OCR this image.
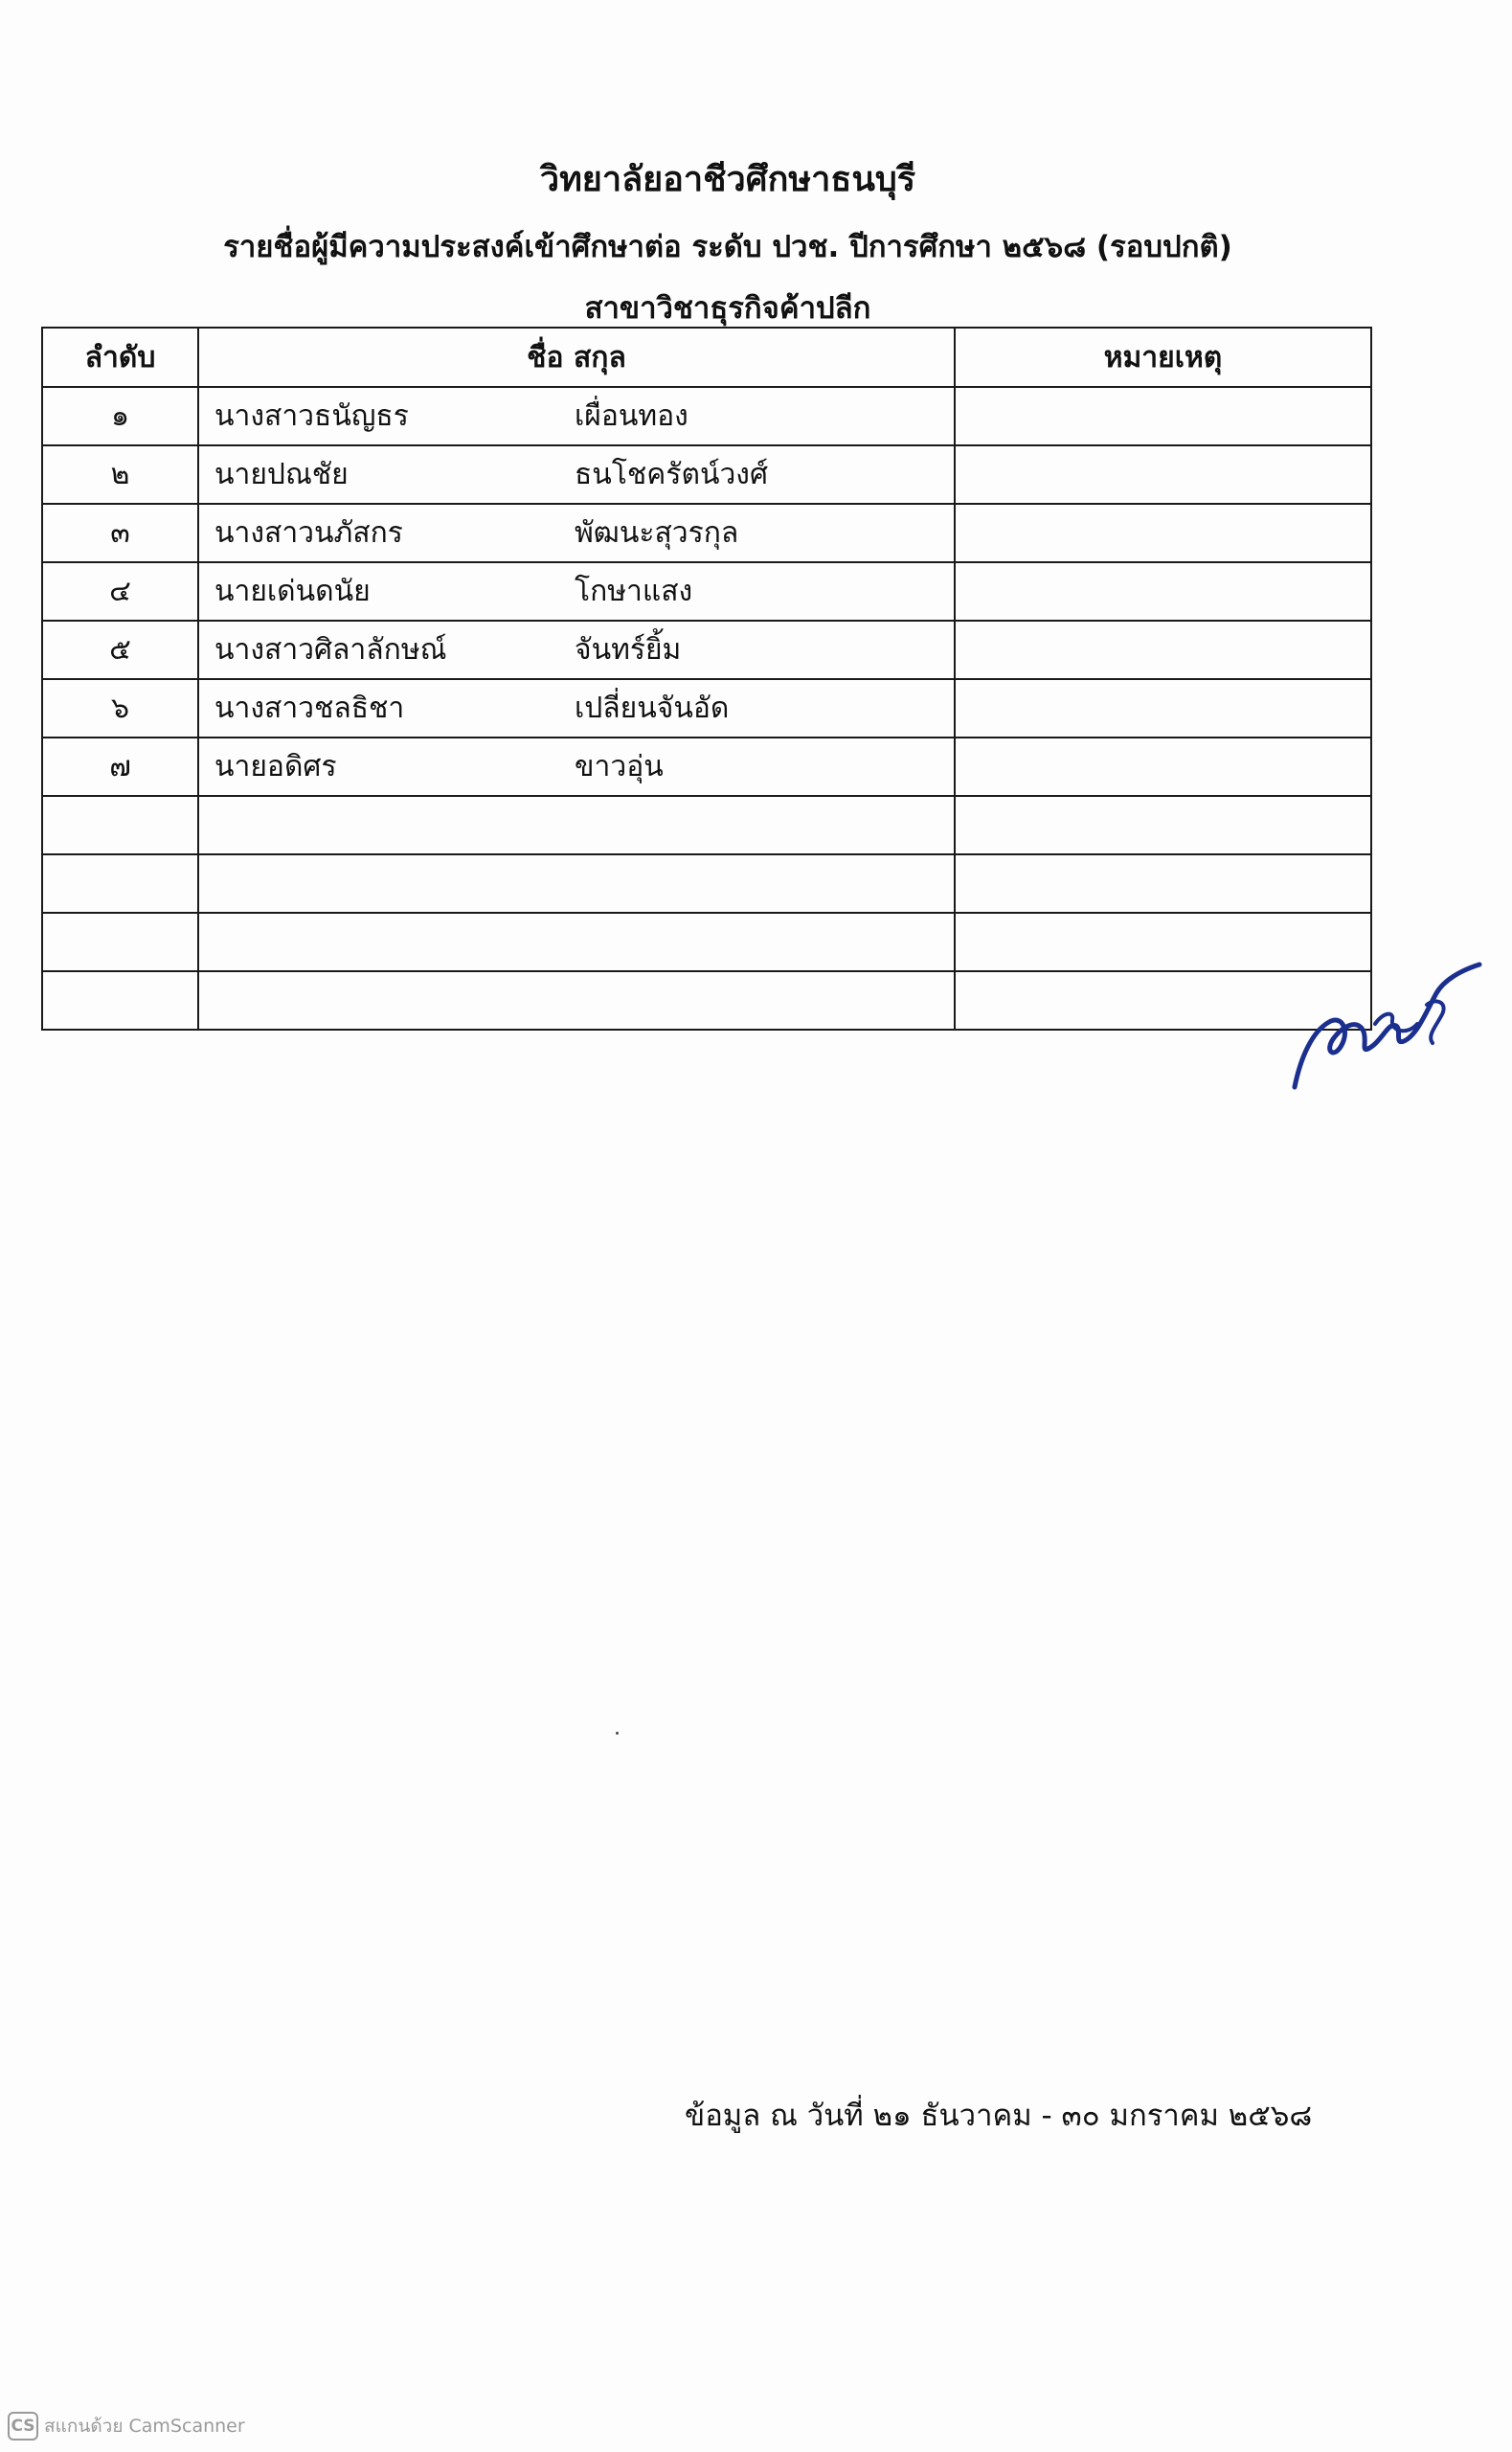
วิทยาลัยอาชีวศึกษาธนบุรี
รายชื่อผู้มีความประสงค์เข้าศึกษาต่อ ระดับ ปวช. ปีการศึกษา ๒๕๖๘ (รอบปกติ)
สาขาวิชาธุรกิจค้าปลีก
ลำดับ	ชื่อ สกุล	หมายเหตุ
๑	นางสาวธนัญธร เผื่อนทอง	
๒	นายปณชัย ธนโชครัตน์วงศ์	
๓	นางสาวนภัสกร พัฒนะสุวรกุล	
๔	นายเด่นดนัย โกษาแสง	
๕	นางสาวศิลาลักษณ์ จันทร์ยิ้ม	
๖	นางสาวชลธิชา เปลี่ยนจันอัด	
๗	นายอดิศร ขาวอุ่น	

ข้อมูล ณ วันที่ ๒๑ ธันวาคม - ๓๐ มกราคม ๒๕๖๘
CS สแกนด้วย CamScanner
